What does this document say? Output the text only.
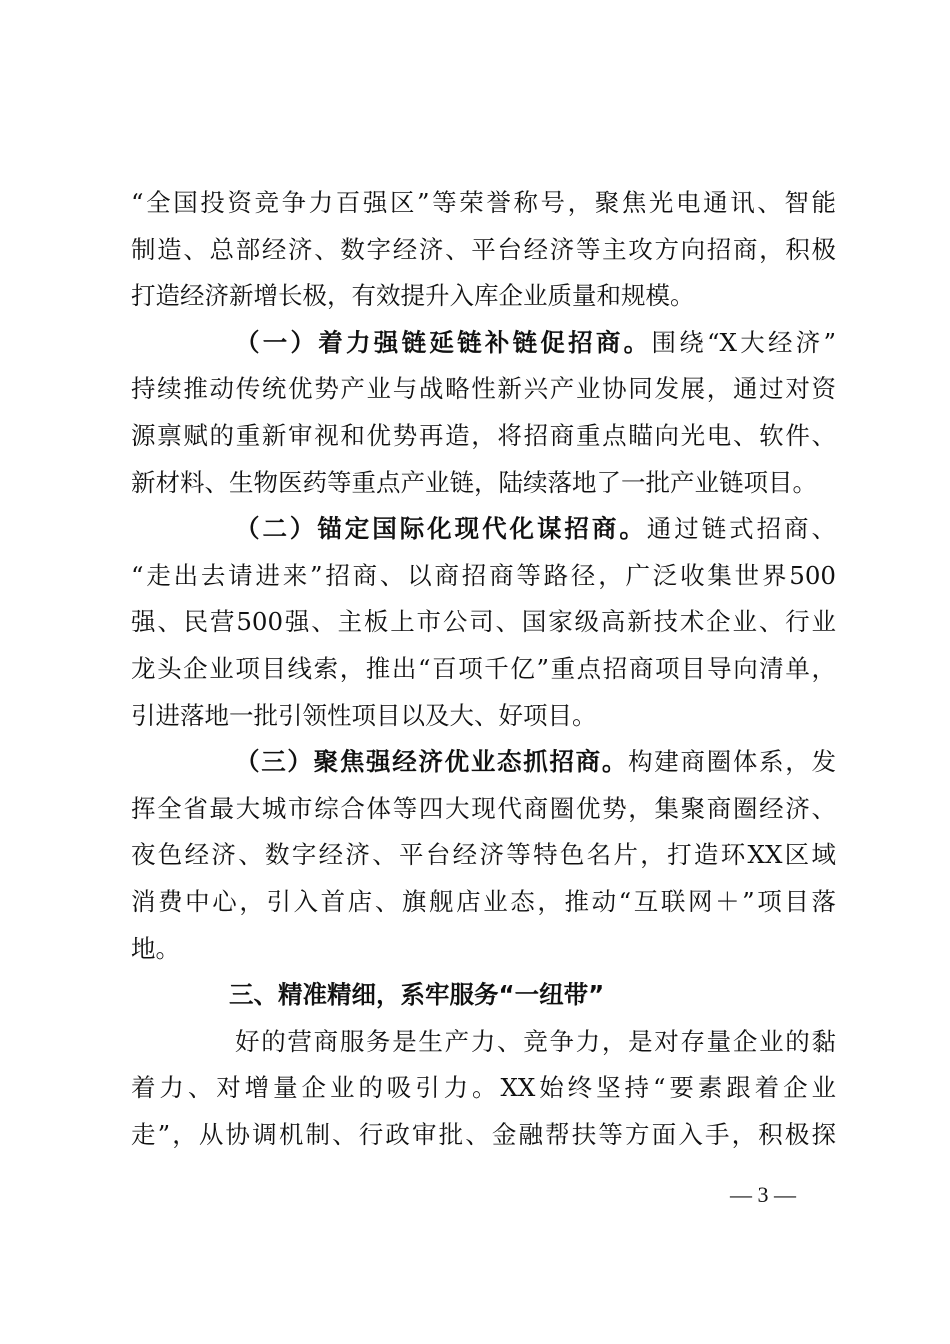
“全国投资竞争力百强区”等荣誉称号，聚焦光电通讯、智能
制造、总部经济、数字经济、平台经济等主攻方向招商，积极
打造经济新增长极，有效提升入库企业质量和规模。
（一）着力强链延链补链促招商。围绕“X大经济”
持续推动传统优势产业与战略性新兴产业协同发展，通过对资
源禀赋的重新审视和优势再造，将招商重点瞄向光电、软件、
新材料、生物医药等重点产业链，陆续落地了一批产业链项目。
（二）锚定国际化现代化谋招商。通过链式招商、
“走出去请进来”招商、以商招商等路径，广泛收集世界500
强、民营500强、主板上市公司、国家级高新技术企业、行业
龙头企业项目线索，推出“百项千亿”重点招商项目导向清单，
引进落地一批引领性项目以及大、好项目。
（三）聚焦强经济优业态抓招商。构建商圈体系，发
挥全省最大城市综合体等四大现代商圈优势，集聚商圈经济、
夜色经济、数字经济、平台经济等特色名片，打造环XX区域
消费中心，引入首店、旗舰店业态，推动“互联网＋”项目落
地。
三、精准精细，系牢服务“一纽带”
好的营商服务是生产力、竞争力，是对存量企业的黏
着力、对增量企业的吸引力。XX始终坚持“要素跟着企业
走”，从协调机制、行政审批、金融帮扶等方面入手，积极探
— 3 —
